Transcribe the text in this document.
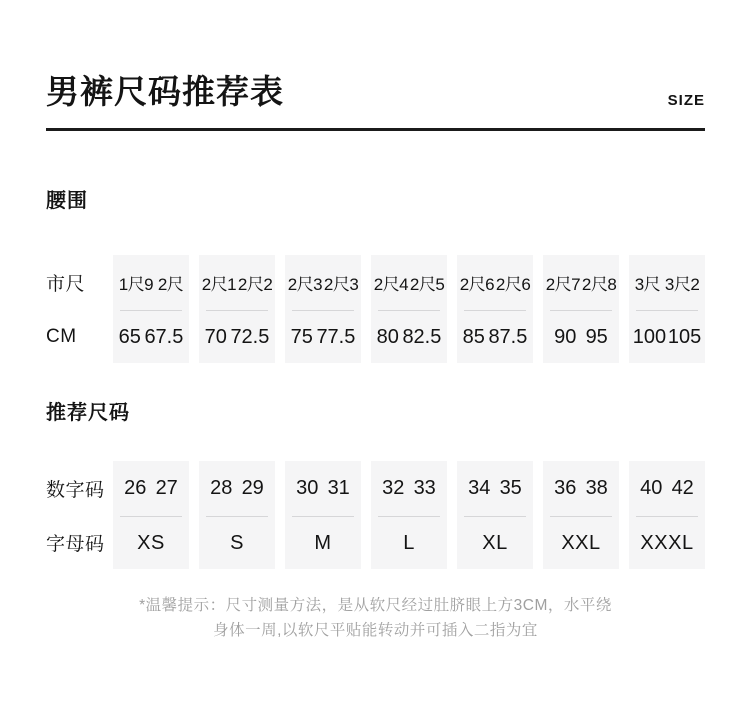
男裤尺码推荐表	SIZE
腰围
市尺
CM
1尺9 2尺
65 67.5
2尺1 2尺2
70 72.5
2尺3 2尺3
75 77.5
2尺4 2尺5
80 82.5
2尺6 2尺6
85 87.5
2尺7 2尺8
90 95
3尺 3尺2
100 105
推荐尺码
数字码
字母码
26 27
XS
28 29
S
30 31
M
32 33
L
34 35
XL
36 38
XXL
40 42
XXXL
*温馨提示：尺寸测量方法，是从软尺经过肚脐眼上方3CM，水平绕
身体一周,以软尺平贴能转动并可插入二指为宜
